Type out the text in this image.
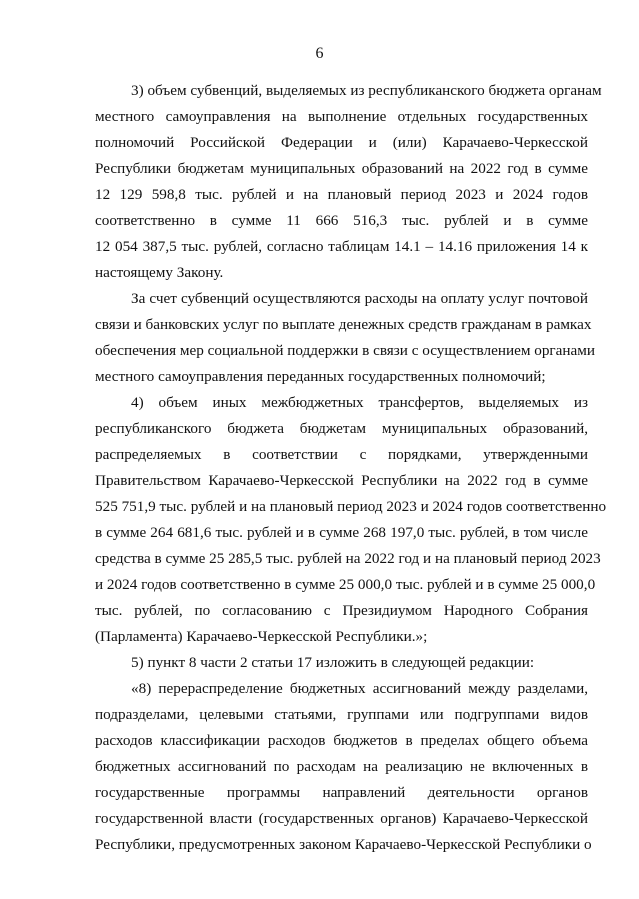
6
3) объем субвенций, выделяемых из республиканского бюджета органам
местного самоуправления на выполнение отдельных государственных
полномочий Российской Федерации и (или) Карачаево-Черкесской
Республики бюджетам муниципальных образований на 2022 год в сумме
12 129 598,8 тыс. рублей и на плановый период 2023 и 2024 годов
соответственно в сумме 11 666 516,3 тыс. рублей и в сумме
12 054 387,5 тыс. рублей, согласно таблицам 14.1 – 14.16 приложения 14 к
настоящему Закону.
За счет субвенций осуществляются расходы на оплату услуг почтовой
связи и банковских услуг по выплате денежных средств гражданам в рамках
обеспечения мер социальной поддержки в связи с осуществлением органами
местного самоуправления переданных государственных полномочий;
4) объем иных межбюджетных трансфертов, выделяемых из
республиканского бюджета бюджетам муниципальных образований,
распределяемых в соответствии с порядками, утвержденными
Правительством Карачаево-Черкесской Республики на 2022 год в сумме
525 751,9 тыс. рублей и на плановый период 2023 и 2024 годов соответственно
в сумме 264 681,6 тыс. рублей и в сумме 268 197,0 тыс. рублей, в том числе
средства в сумме 25 285,5 тыс. рублей на 2022 год и на плановый период 2023
и 2024 годов соответственно в сумме 25 000,0 тыс. рублей и в сумме 25 000,0
тыс. рублей, по согласованию с Президиумом Народного Собрания
(Парламента) Карачаево-Черкесской Республики.»;
5) пункт 8 части 2 статьи 17 изложить в следующей редакции:
«8) перераспределение бюджетных ассигнований между разделами,
подразделами, целевыми статьями, группами или подгруппами видов
расходов классификации расходов бюджетов в пределах общего объема
бюджетных ассигнований по расходам на реализацию не включенных в
государственные программы направлений деятельности органов
государственной власти (государственных органов) Карачаево-Черкесской
Республики, предусмотренных законом Карачаево-Черкесской Республики о
